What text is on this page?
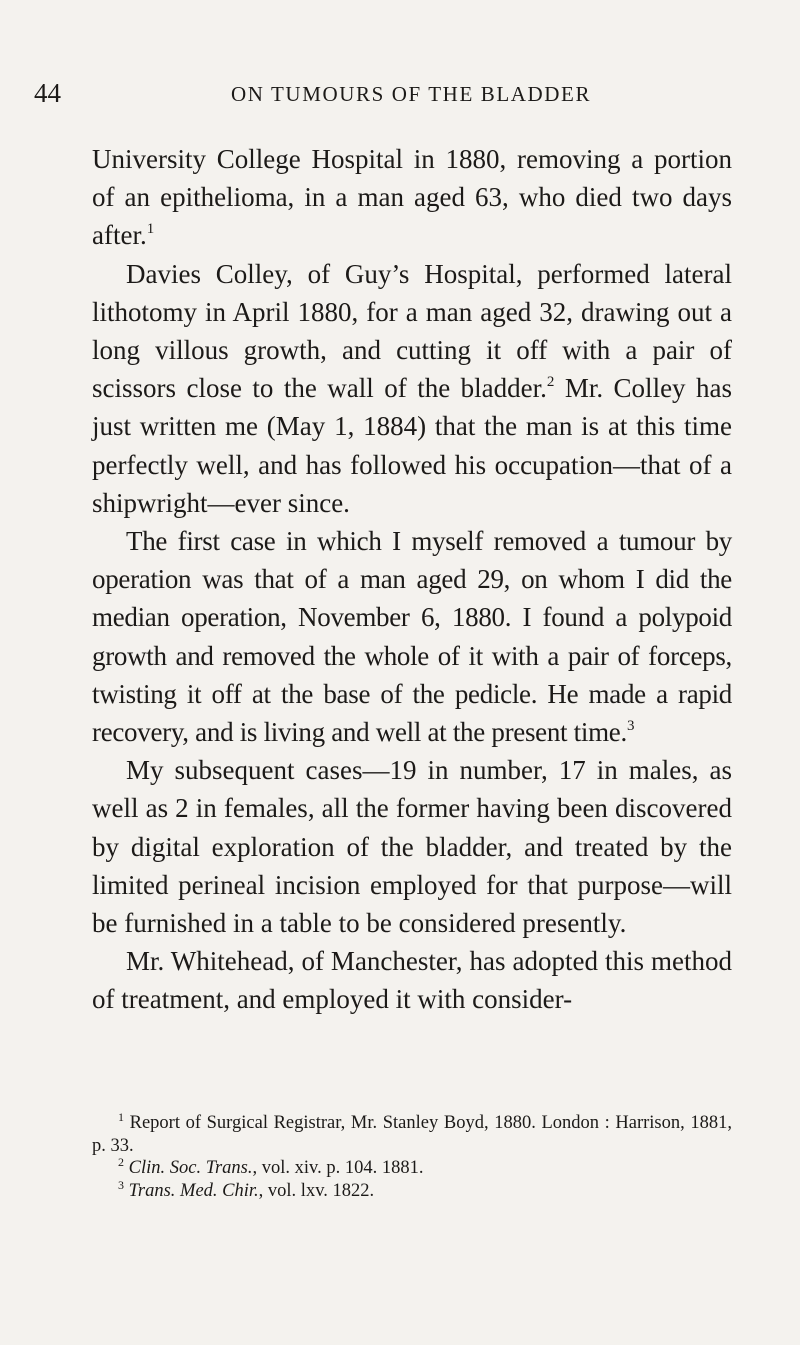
44	ON TUMOURS OF THE BLADDER

University College Hospital in 1880, removing a portion of an epithelioma, in a man aged 63, who died two days after.$^1$

Davies Colley, of Guy’s Hospital, performed lateral lithotomy in April 1880, for a man aged 32, drawing out a long villous growth, and cutting it off with a pair of scissors close to the wall of the bladder.$^2$ Mr. Colley has just written me (May 1, 1884) that the man is at this time perfectly well, and has followed his occupation—that of a shipwright—ever since.

The first case in which I myself removed a tumour by operation was that of a man aged 29, on whom I did the median operation, November 6, 1880. I found a polypoid growth and removed the whole of it with a pair of forceps, twisting it off at the base of the pedicle. He made a rapid recovery, and is living and well at the present time.$^3$

My subsequent cases—19 in number, 17 in males, as well as 2 in females, all the former having been discovered by digital exploration of the bladder, and treated by the limited perineal incision employed for that purpose—will be furnished in a table to be considered presently.

Mr. Whitehead, of Manchester, has adopted this method of treatment, and employed it with consider-

$^1$ Report of Surgical Registrar, Mr. Stanley Boyd, 1880. London : Harrison, 1881, p. 33.

$^2$ Clin. Soc. Trans., vol. xiv. p. 104. 1881.

$^3$ Trans. Med. Chir., vol. lxv. 1822.
